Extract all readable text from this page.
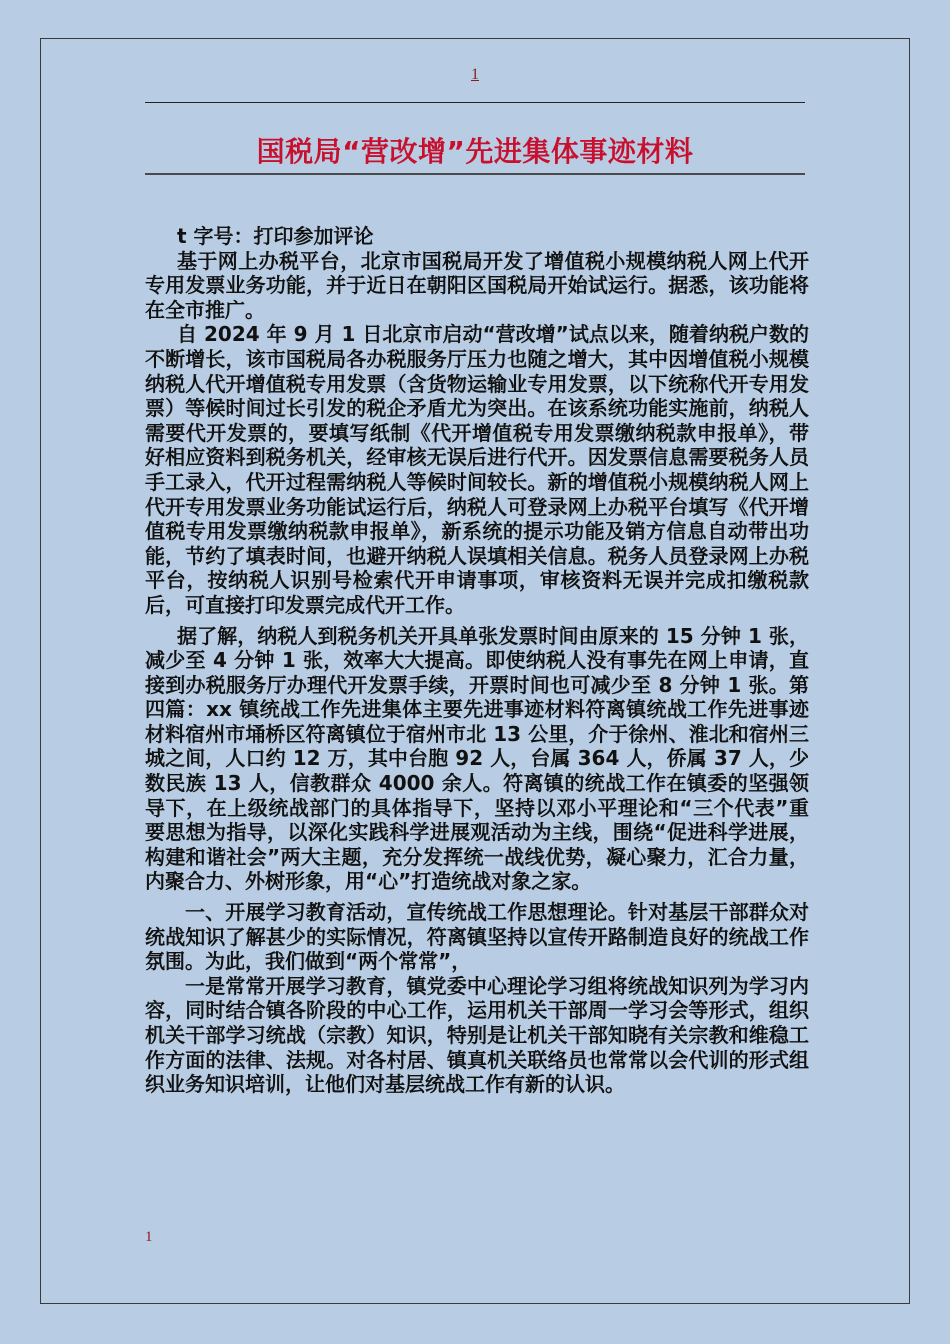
1
国税局“营改增”先进集体事迹材料

t 字号：打印参加评论

基于网上办税平台，北京市国税局开发了增值税小规模纳税人网上代开专用发票业务功能，并于近日在朝阳区国税局开始试运行。据悉，该功能将在全市推广。

自 2024 年 9 月 1 日北京市启动“营改增”试点以来，随着纳税户数的不断增长，该市国税局各办税服务厅压力也随之增大，其中因增值税小规模纳税人代开增值税专用发票（含货物运输业专用发票，以下统称代开专用发票）等候时间过长引发的税企矛盾尤为突出。在该系统功能实施前，纳税人需要代开发票的，要填写纸制《代开增值税专用发票缴纳税款申报单》，带好相应资料到税务机关，经审核无误后进行代开。因发票信息需要税务人员手工录入，代开过程需纳税人等候时间较长。新的增值税小规模纳税人网上代开专用发票业务功能试运行后，纳税人可登录网上办税平台填写《代开增值税专用发票缴纳税款申报单》，新系统的提示功能及销方信息自动带出功能，节约了填表时间，也避开纳税人误填相关信息。税务人员登录网上办税平台，按纳税人识别号检索代开申请事项，审核资料无误并完成扣缴税款后，可直接打印发票完成代开工作。

据了解，纳税人到税务机关开具单张发票时间由原来的 15 分钟 1 张，减少至 4 分钟 1 张，效率大大提高。即使纳税人没有事先在网上申请，直接到办税服务厅办理代开发票手续，开票时间也可减少至 8 分钟 1 张。第四篇：xx 镇统战工作先进集体主要先进事迹材料符离镇统战工作先进事迹材料宿州市埇桥区符离镇位于宿州市北 13 公里，介于徐州、淮北和宿州三城之间，人口约 12 万，其中台胞 92 人，台属 364 人，侨属 37 人，少数民族 13 人，信教群众 4000 余人。符离镇的统战工作在镇委的坚强领导下，在上级统战部门的具体指导下，坚持以邓小平理论和“三个代表”重要思想为指导，以深化实践科学进展观活动为主线，围绕“促进科学进展，构建和谐社会”两大主题，充分发挥统一战线优势，凝心聚力，汇合力量，内聚合力、外树形象，用“心”打造统战对象之家。

一、开展学习教育活动，宣传统战工作思想理论。针对基层干部群众对统战知识了解甚少的实际情况，符离镇坚持以宣传开路制造良好的统战工作氛围。为此，我们做到“两个常常”，

一是常常开展学习教育，镇党委中心理论学习组将统战知识列为学习内容，同时结合镇各阶段的中心工作，运用机关干部周一学习会等形式，组织机关干部学习统战（宗教）知识，特别是让机关干部知晓有关宗教和维稳工作方面的法律、法规。对各村居、镇真机关联络员也常常以会代训的形式组织业务知识培训，让他们对基层统战工作有新的认识。

1
